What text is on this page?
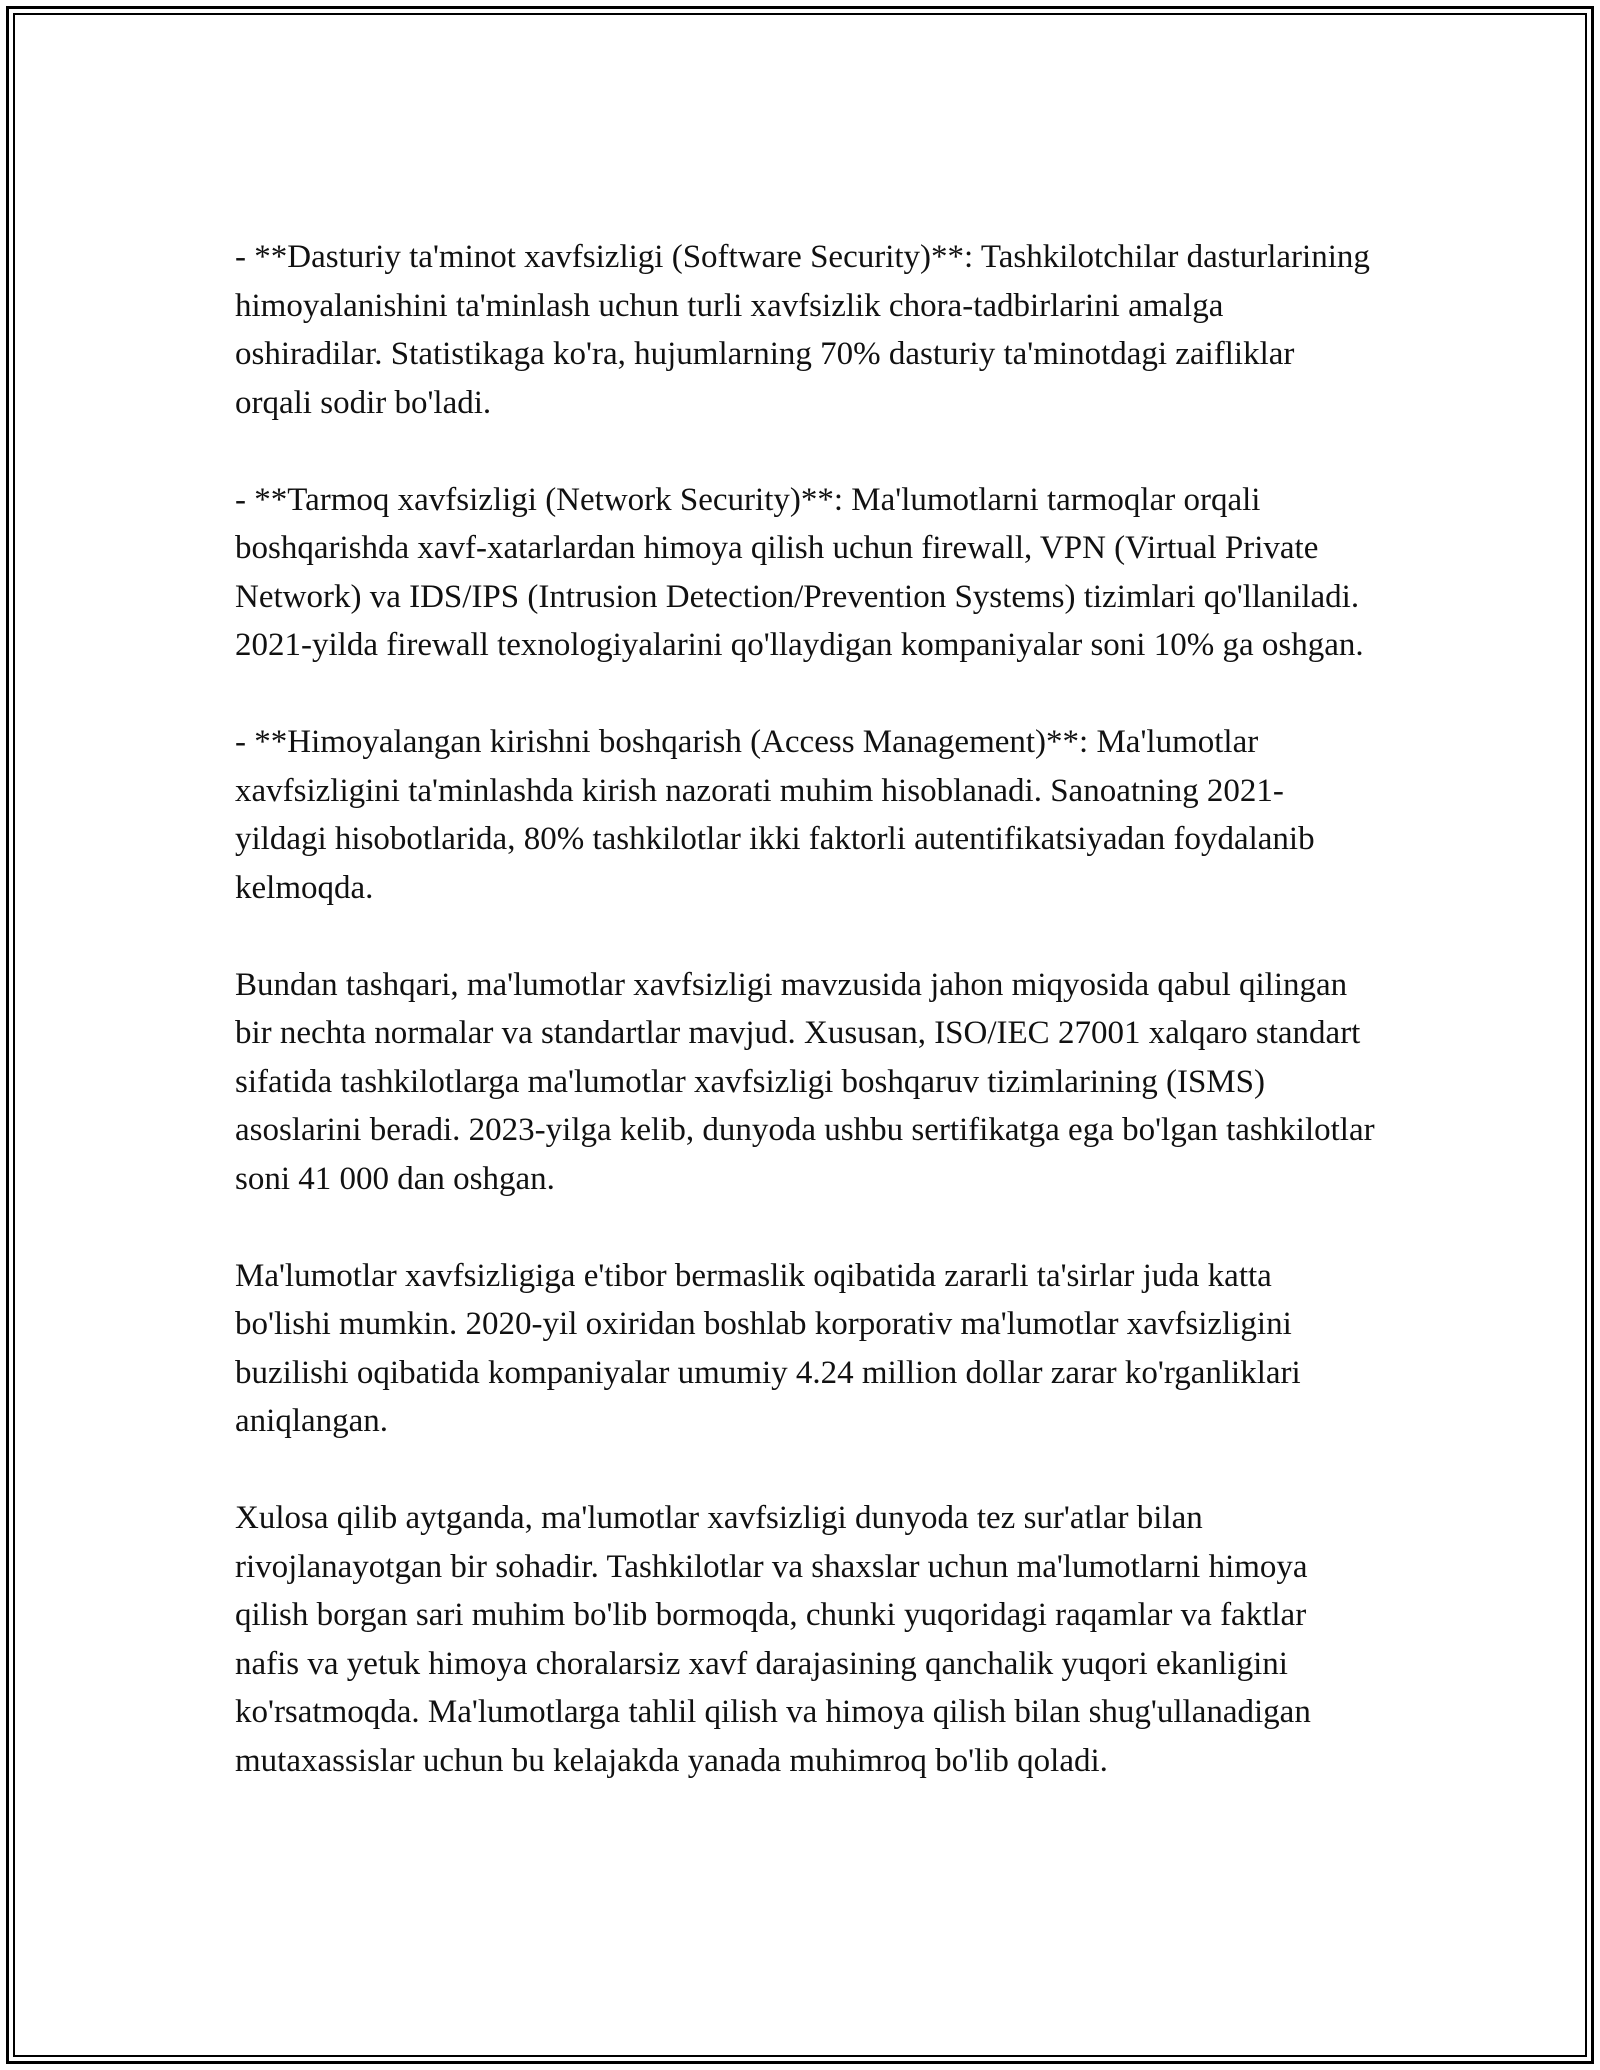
- **Dasturiy ta'minot xavfsizligi (Software Security)**: Tashkilotchilar dasturlarining himoyalanishini ta'minlash uchun turli xavfsizlik chora-tadbirlarini amalga oshiradilar. Statistikaga ko'ra, hujumlarning 70% dasturiy ta'minotdagi zaifliklar orqali sodir bo'ladi.

- **Tarmoq xavfsizligi (Network Security)**: Ma'lumotlarni tarmoqlar orqali boshqarishda xavf-xatarlardan himoya qilish uchun firewall, VPN (Virtual Private Network) va IDS/IPS (Intrusion Detection/Prevention Systems) tizimlari qo'llaniladi. 2021-yilda firewall texnologiyalarini qo'llaydigan kompaniyalar soni 10% ga oshgan.

- **Himoyalangan kirishni boshqarish (Access Management)**: Ma'lumotlar xavfsizligini ta'minlashda kirish nazorati muhim hisoblanadi. Sanoatning 2021-yildagi hisobotlarida, 80% tashkilotlar ikki faktorli autentifikatsiyadan foydalanib kelmoqda.

Bundan tashqari, ma'lumotlar xavfsizligi mavzusida jahon miqyosida qabul qilingan bir nechta normalar va standartlar mavjud. Xususan, ISO/IEC 27001 xalqaro standart sifatida tashkilotlarga ma'lumotlar xavfsizligi boshqaruv tizimlarining (ISMS) asoslarini beradi. 2023-yilga kelib, dunyoda ushbu sertifikatga ega bo'lgan tashkilotlar soni 41 000 dan oshgan.

Ma'lumotlar xavfsizligiga e'tibor bermaslik oqibatida zararli ta'sirlar juda katta bo'lishi mumkin. 2020-yil oxiridan boshlab korporativ ma'lumotlar xavfsizligini buzilishi oqibatida kompaniyalar umumiy 4.24 million dollar zarar ko'rganliklari aniqlangan.

Xulosa qilib aytganda, ma'lumotlar xavfsizligi dunyoda tez sur'atlar bilan rivojlanayotgan bir sohadir. Tashkilotlar va shaxslar uchun ma'lumotlarni himoya qilish borgan sari muhim bo'lib bormoqda, chunki yuqoridagi raqamlar va faktlar nafis va yetuk himoya choralarsiz xavf darajasining qanchalik yuqori ekanligini ko'rsatmoqda. Ma'lumotlarga tahlil qilish va himoya qilish bilan shug'ullanadigan mutaxassislar uchun bu kelajakda yanada muhimroq bo'lib qoladi.
